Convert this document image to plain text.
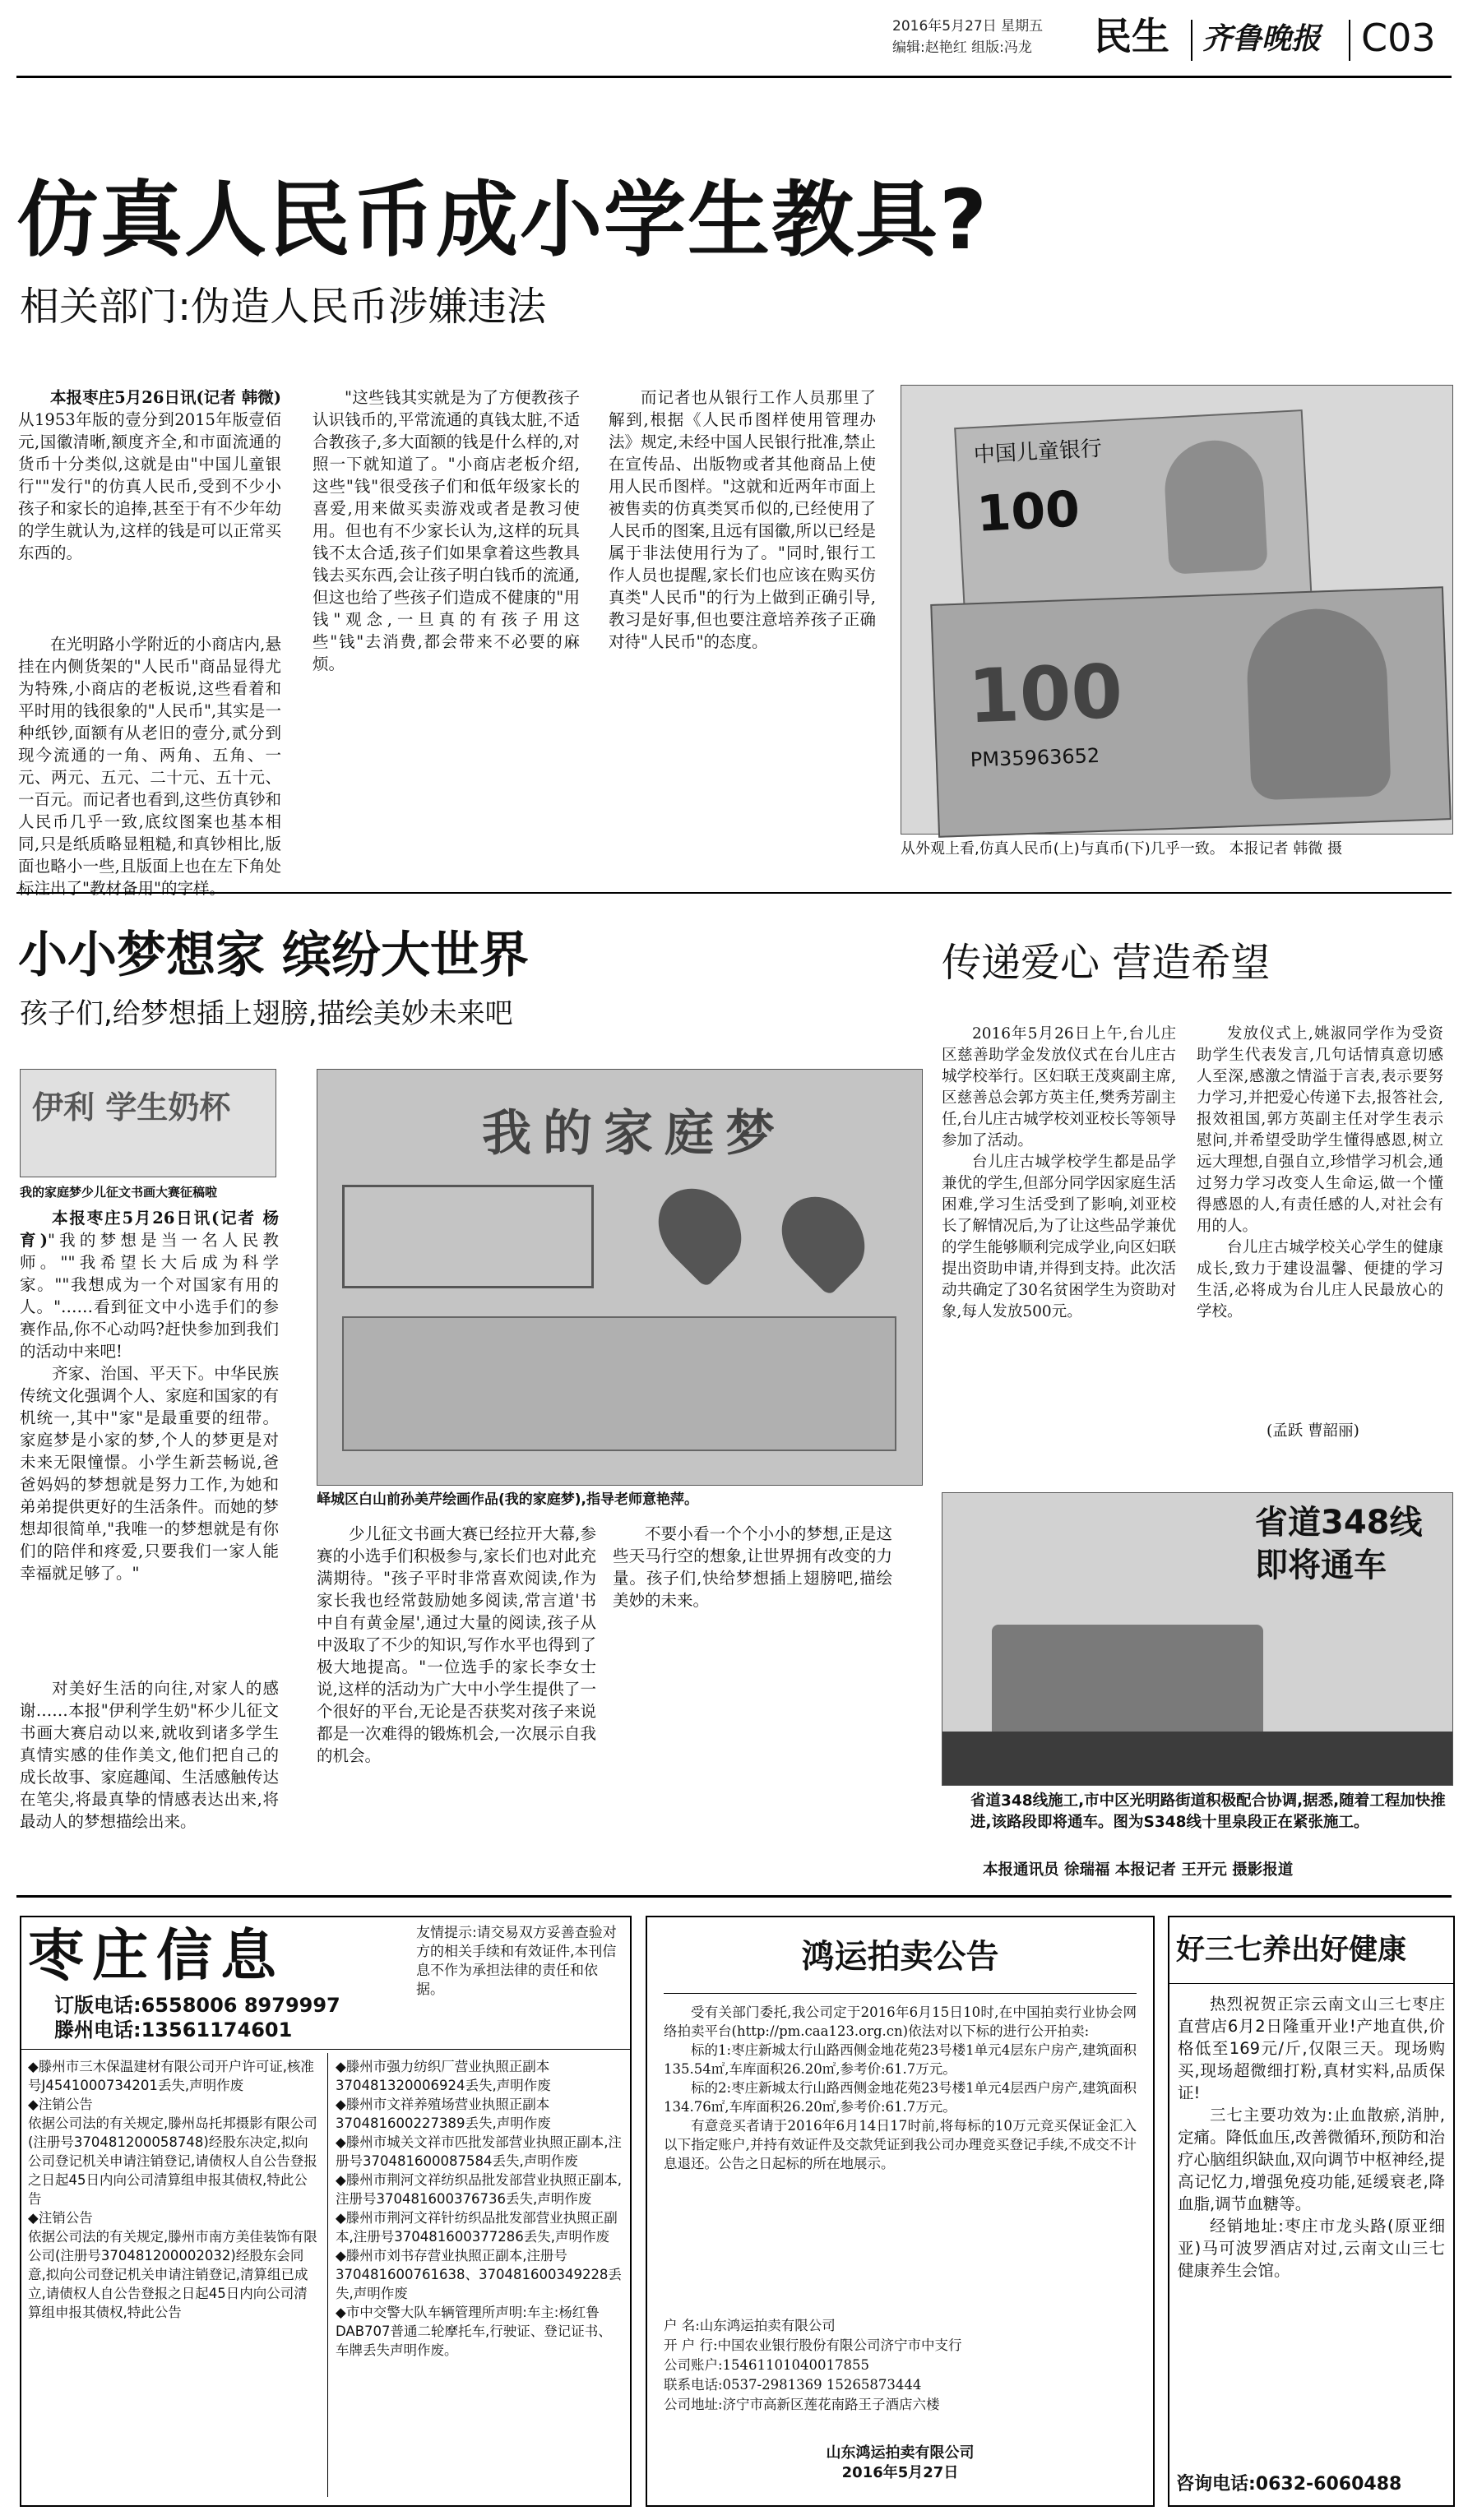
2016年5月27日 星期五
编辑:赵艳红 组版:冯龙 民生 齐鲁晚报 C03
仿真人民币成小学生教具?
相关部门:伪造人民币涉嫌违法

本报枣庄5月26日讯(记者 韩微)从1953年版的壹分到2015年版壹佰元,国徽清晰,额度齐全,和市面流通的货币十分类似,这就是由"中国儿童银行""发行"的仿真人民币,受到不少小孩子和家长的追捧,甚至于有不少年幼的学生就认为,这样的钱是可以正常买东西的。

在光明路小学附近的小商店内,悬挂在内侧货架的"人民币"商品显得尤为特殊,小商店的老板说,这些看着和平时用的钱很象的"人民币",其实是一种纸钞,面额有从老旧的壹分,贰分到现今流通的一角、两角、五角、一元、两元、五元、二十元、五十元、一百元。而记者也看到,这些仿真钞和人民币几乎一致,底纹图案也基本相同,只是纸质略显粗糙,和真钞相比,版面也略小一些,且版面上也在左下角处标注出了"教材备用"的字样。

"这些钱其实就是为了方便教孩子认识钱币的,平常流通的真钱太脏,不适合教孩子,多大面额的钱是什么样的,对照一下就知道了。"小商店老板介绍,这些"钱"很受孩子们和低年级家长的喜爱,用来做买卖游戏或者是教习使用。但也有不少家长认为,这样的玩具钱不太合适,孩子们如果拿着这些教具钱去买东西,会让孩子明白钱币的流通,但这也给了些孩子们造成不健康的"用钱"观念,一旦真的有孩子用这些"钱"去消费,都会带来不必要的麻烦。

而记者也从银行工作人员那里了解到,根据《人民币图样使用管理办法》规定,未经中国人民银行批准,禁止在宣传品、出版物或者其他商品上使用人民币图样。"这就和近两年市面上被售卖的仿真类冥币似的,已经使用了人民币的图案,且远有国徽,所以已经是属于非法使用行为了。"同时,银行工作人员也提醒,家长们也应该在购买仿真类"人民币"的行为上做到正确引导,教习是好事,但也要注意培养孩子正确对待"人民币"的态度。

中国儿童银行
100
100
PM35963652
从外观上看,仿真人民币(上)与真币(下)几乎一致。 本报记者 韩微 摄
小小梦想家 缤纷大世界
孩子们,给梦想插上翅膀,描绘美妙未来吧
伊利 学生奶杯
我的家庭梦少儿征文书画大赛征稿啦

本报枣庄5月26日讯(记者 杨育)"我的梦想是当一名人民教师。""我希望长大后成为科学家。""我想成为一个对国家有用的人。"……看到征文中小选手们的参赛作品,你不心动吗?赶快参加到我们的活动中来吧!

齐家、治国、平天下。中华民族传统文化强调个人、家庭和国家的有机统一,其中"家"是最重要的纽带。家庭梦是小家的梦,个人的梦更是对未来无限憧憬。小学生新芸畅说,爸爸妈妈的梦想就是努力工作,为她和弟弟提供更好的生活条件。而她的梦想却很简单,"我唯一的梦想就是有你们的陪伴和疼爱,只要我们一家人能幸福就足够了。"

对美好生活的向往,对家人的感谢……本报"伊利学生奶"杯少儿征文书画大赛启动以来,就收到诸多学生真情实感的佳作美文,他们把自己的成长故事、家庭趣闻、生活感触传达在笔尖,将最真挚的情感表达出来,将最动人的梦想描绘出来。

我的家庭梦
峄城区白山前孙美芹绘画作品(我的家庭梦),指导老师意艳萍。

少儿征文书画大赛已经拉开大幕,参赛的小选手们积极参与,家长们也对此充满期待。"孩子平时非常喜欢阅读,作为家长我也经常鼓励她多阅读,常言道'书中自有黄金屋',通过大量的阅读,孩子从中汲取了不少的知识,写作水平也得到了极大地提高。"一位选手的家长李女士说,这样的活动为广大中小学生提供了一个很好的平台,无论是否获奖对孩子来说都是一次难得的锻炼机会,一次展示自我的机会。

不要小看一个个小小的梦想,正是这些天马行空的想象,让世界拥有改变的力量。孩子们,快给梦想插上翅膀吧,描绘美妙的未来。

传递爱心 营造希望

2016年5月26日上午,台儿庄区慈善助学金发放仪式在台儿庄古城学校举行。区妇联王茂爽副主席,区慈善总会郭方英主任,樊秀芳副主任,台儿庄古城学校刘亚校长等领导参加了活动。

台儿庄古城学校学生都是品学兼优的学生,但部分同学因家庭生活困难,学习生活受到了影响,刘亚校长了解情况后,为了让这些品学兼优的学生能够顺利完成学业,向区妇联提出资助申请,并得到支持。此次活动共确定了30名贫困学生为资助对象,每人发放500元。

发放仪式上,姚淑同学作为受资助学生代表发言,几句话情真意切感人至深,感激之情溢于言表,表示要努力学习,并把爱心传递下去,报答社会,报效祖国,郭方英副主任对学生表示慰问,并希望受助学生懂得感恩,树立远大理想,自强自立,珍惜学习机会,通过努力学习改变人生命运,做一个懂得感恩的人,有责任感的人,对社会有用的人。

台儿庄古城学校关心学生的健康成长,致力于建设温馨、便捷的学习生活,必将成为台儿庄人民最放心的学校。

(孟跃 曹韶丽)
省道348线
即将通车
省道348线施工,市中区光明路街道积极配合协调,据悉,随着工程加快推进,该路段即将通车。图为S348线十里泉段正在紧张施工。
本报通讯员 徐瑞福 本报记者 王开元 摄影报道
枣庄信息
订版电话:6558006 8979997
滕州电话:13561174601
友情提示:请交易双方妥善查验对方的相关手续和有效证件,本刊信息不作为承担法律的责任和依据。
◆滕州市三木保温建材有限公司开户许可证,核准号J4541000734201丢失,声明作废
◆注销公告
依据公司法的有关规定,滕州岛托邦摄影有限公司(注册号370481200058748)经股东决定,拟向公司登记机关申请注销登记,请债权人自公告登报之日起45日内向公司清算组申报其债权,特此公告
◆注销公告
依据公司法的有关规定,滕州市南方美佳装饰有限公司(注册号370481200002032)经股东会同意,拟向公司登记机关申请注销登记,清算组已成立,请债权人自公告登报之日起45日内向公司清算组申报其债权,特此公告
◆滕州市强力纺织厂营业执照正副本370481320006924丢失,声明作废
◆滕州市文祥养殖场营业执照正副本370481600227389丢失,声明作废
◆滕州市城关文祥市匹批发部营业执照正副本,注册号370481600087584丢失,声明作废
◆滕州市荆河文祥纺织品批发部营业执照正副本,注册号370481600376736丢失,声明作废
◆滕州市荆河文祥针纺织品批发部营业执照正副本,注册号370481600377286丢失,声明作废
◆滕州市刘书存营业执照正副本,注册号370481600761638、370481600349228丢失,声明作废
◆市中交警大队车辆管理所声明:车主:杨红鲁DAB707普通二轮摩托车,行驶证、登记证书、车牌丢失声明作废。
鸿运拍卖公告
受有关部门委托,我公司定于2016年6月15日10时,在中国拍卖行业协会网络拍卖平台(http://pm.caa123.org.cn)依法对以下标的进行公开拍卖:
标的1:枣庄新城太行山路西侧金地花苑23号楼1单元4层东户房产,建筑面积135.54㎡,车库面积26.20㎡,参考价:61.7万元。
标的2:枣庄新城太行山路西侧金地花苑23号楼1单元4层西户房产,建筑面积134.76㎡,车库面积26.20㎡,参考价:61.7万元。
有意竞买者请于2016年6月14日17时前,将每标的10万元竞买保证金汇入以下指定账户,并持有效证件及交款凭证到我公司办理竞买登记手续,不成交不计息退还。公告之日起标的所在地展示。
户 名:山东鸿运拍卖有限公司
开 户 行:中国农业银行股份有限公司济宁市中支行
公司账户:15461101040017855
联系电话:0537-2981369 15265873444
公司地址:济宁市高新区莲花南路王子酒店六楼
山东鸿运拍卖有限公司
2016年5月27日
好三七养出好健康
热烈祝贺正宗云南文山三七枣庄直营店6月2日隆重开业!产地直供,价格低至169元/斤,仅限三天。现场购买,现场超微细打粉,真材实料,品质保证!
三七主要功效为:止血散瘀,消肿,定痛。降低血压,改善微循环,预防和治疗心脑组织缺血,双向调节中枢神经,提高记忆力,增强免疫功能,延缓衰老,降血脂,调节血糖等。
经销地址:枣庄市龙头路(原亚细亚)马可波罗酒店对过,云南文山三七健康养生会馆。
咨询电话:0632-6060488
